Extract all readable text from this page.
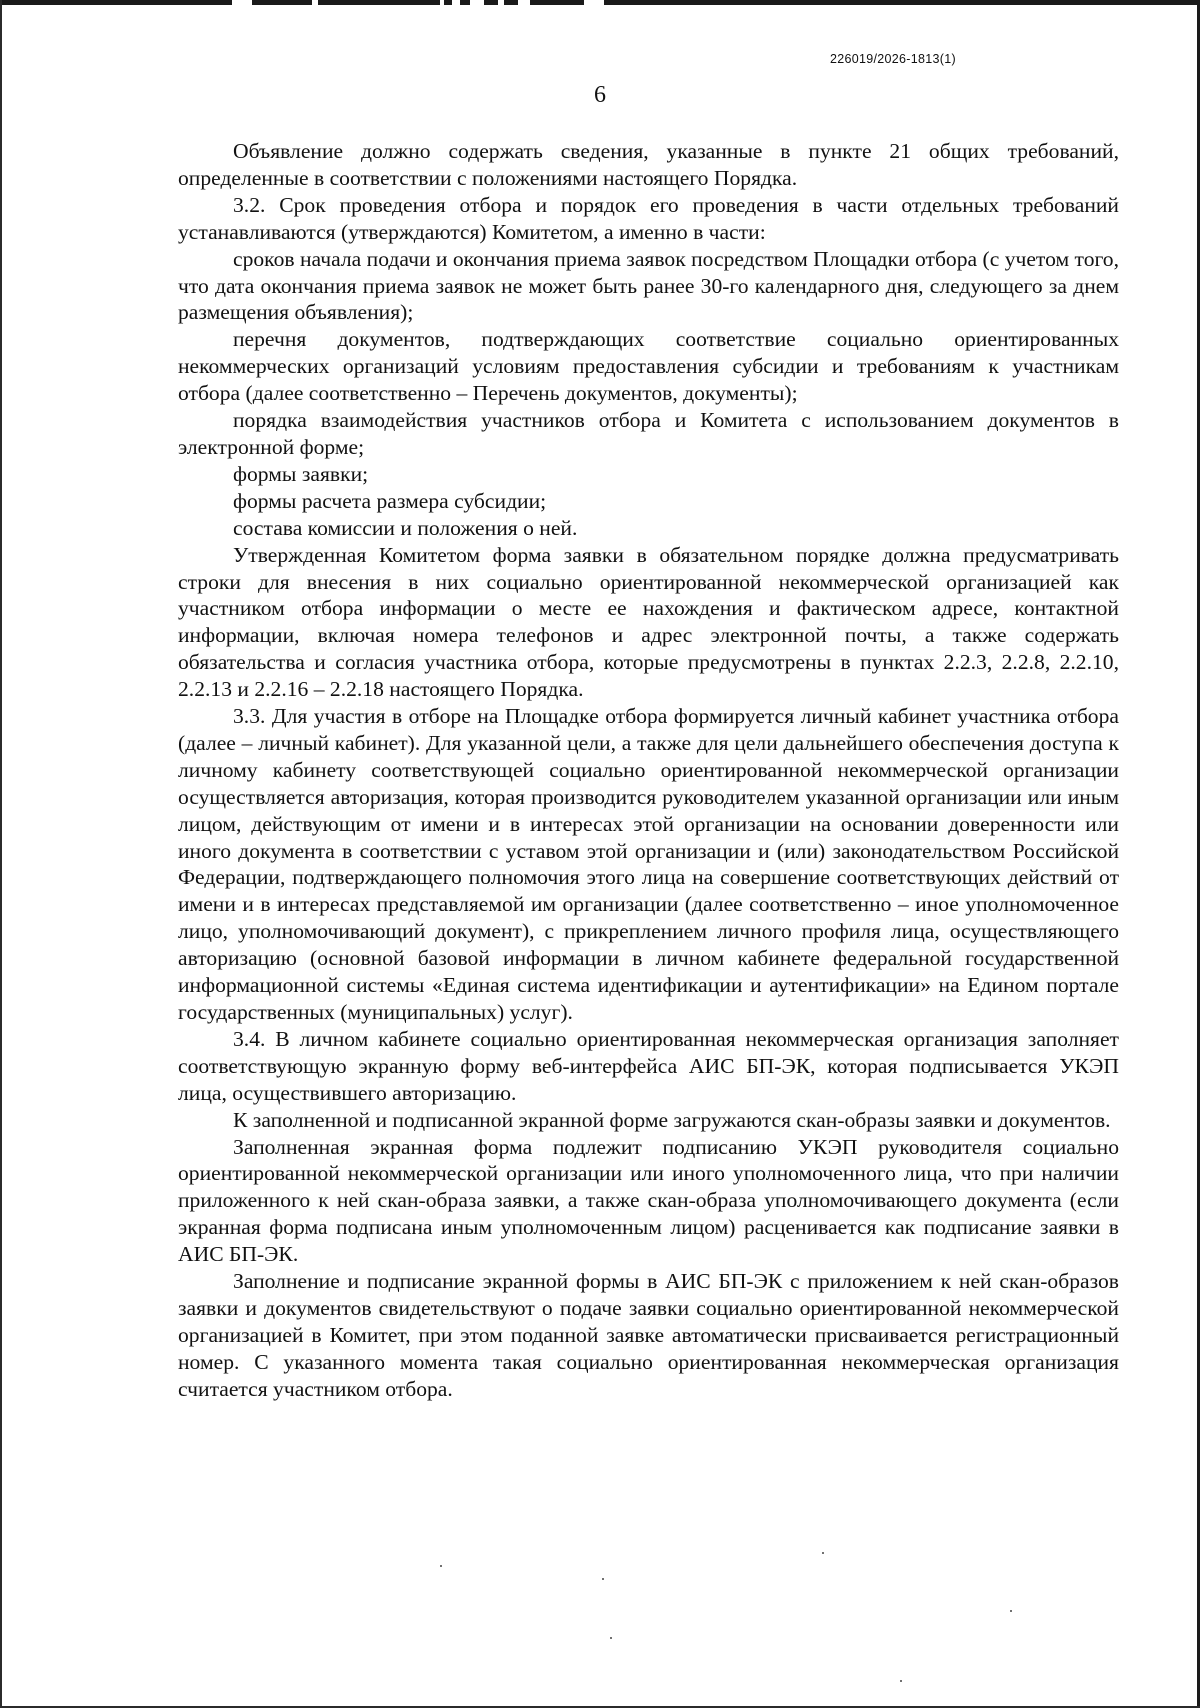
226019/2026-1813(1)
6

Объявление должно содержать сведения, указанные в пункте 21 общих требований, определенные в соответствии с положениями настоящего Порядка.

3.2. Срок проведения отбора и порядок его проведения в части отдельных требований устанавливаются (утверждаются) Комитетом, а именно в части:

сроков начала подачи и окончания приема заявок посредством Площадки отбора (с учетом того, что дата окончания приема заявок не может быть ранее 30-го календарного дня, следующего за днем размещения объявления);

перечня документов, подтверждающих соответствие социально ориентированных некоммерческих организаций условиям предоставления субсидии и требованиям к участникам отбора (далее соответственно – Перечень документов, документы);

порядка взаимодействия участников отбора и Комитета с использованием документов в электронной форме;

формы заявки;

формы расчета размера субсидии;

состава комиссии и положения о ней.

Утвержденная Комитетом форма заявки в обязательном порядке должна предусматривать строки для внесения в них социально ориентированной некоммерческой организацией как участником отбора информации о месте ее нахождения и фактическом адресе, контактной информации, включая номера телефонов и адрес электронной почты, а также содержать обязательства и согласия участника отбора, которые предусмотрены в пунктах 2.2.3, 2.2.8, 2.2.10, 2.2.13 и 2.2.16 – 2.2.18 настоящего Порядка.

3.3. Для участия в отборе на Площадке отбора формируется личный кабинет участника отбора (далее – личный кабинет). Для указанной цели, а также для цели дальнейшего обеспечения доступа к личному кабинету соответствующей социально ориентированной некоммерческой организации осуществляется авторизация, которая производится руководителем указанной организации или иным лицом, действующим от имени и в интересах этой организации на основании доверенности или иного документа в соответствии с уставом этой организации и (или) законодательством Российской Федерации, подтверждающего полномочия этого лица на совершение соответствующих действий от имени и в интересах представляемой им организации (далее соответственно – иное уполномоченное лицо, уполномочивающий документ), с прикреплением личного профиля лица, осуществляющего авторизацию (основной базовой информации в личном кабинете федеральной государственной информационной системы «Единая система идентификации и аутентификации» на Едином портале государственных (муниципальных) услуг).

3.4. В личном кабинете социально ориентированная некоммерческая организация заполняет соответствующую экранную форму веб-интерфейса АИС БП-ЭК, которая подписывается УКЭП лица, осуществившего авторизацию.

К заполненной и подписанной экранной форме загружаются скан-образы заявки и документов.

Заполненная экранная форма подлежит подписанию УКЭП руководителя социально ориентированной некоммерческой организации или иного уполномоченного лица, что при наличии приложенного к ней скан-образа заявки, а также скан-образа уполномочивающего документа (если экранная форма подписана иным уполномоченным лицом) расценивается как подписание заявки в АИС БП-ЭК.

Заполнение и подписание экранной формы в АИС БП-ЭК с приложением к ней скан-образов заявки и документов свидетельствуют о подаче заявки социально ориентированной некоммерческой организацией в Комитет, при этом поданной заявке автоматически присваивается регистрационный номер. С указанного момента такая социально ориентированная некоммерческая организация считается участником отбора.
